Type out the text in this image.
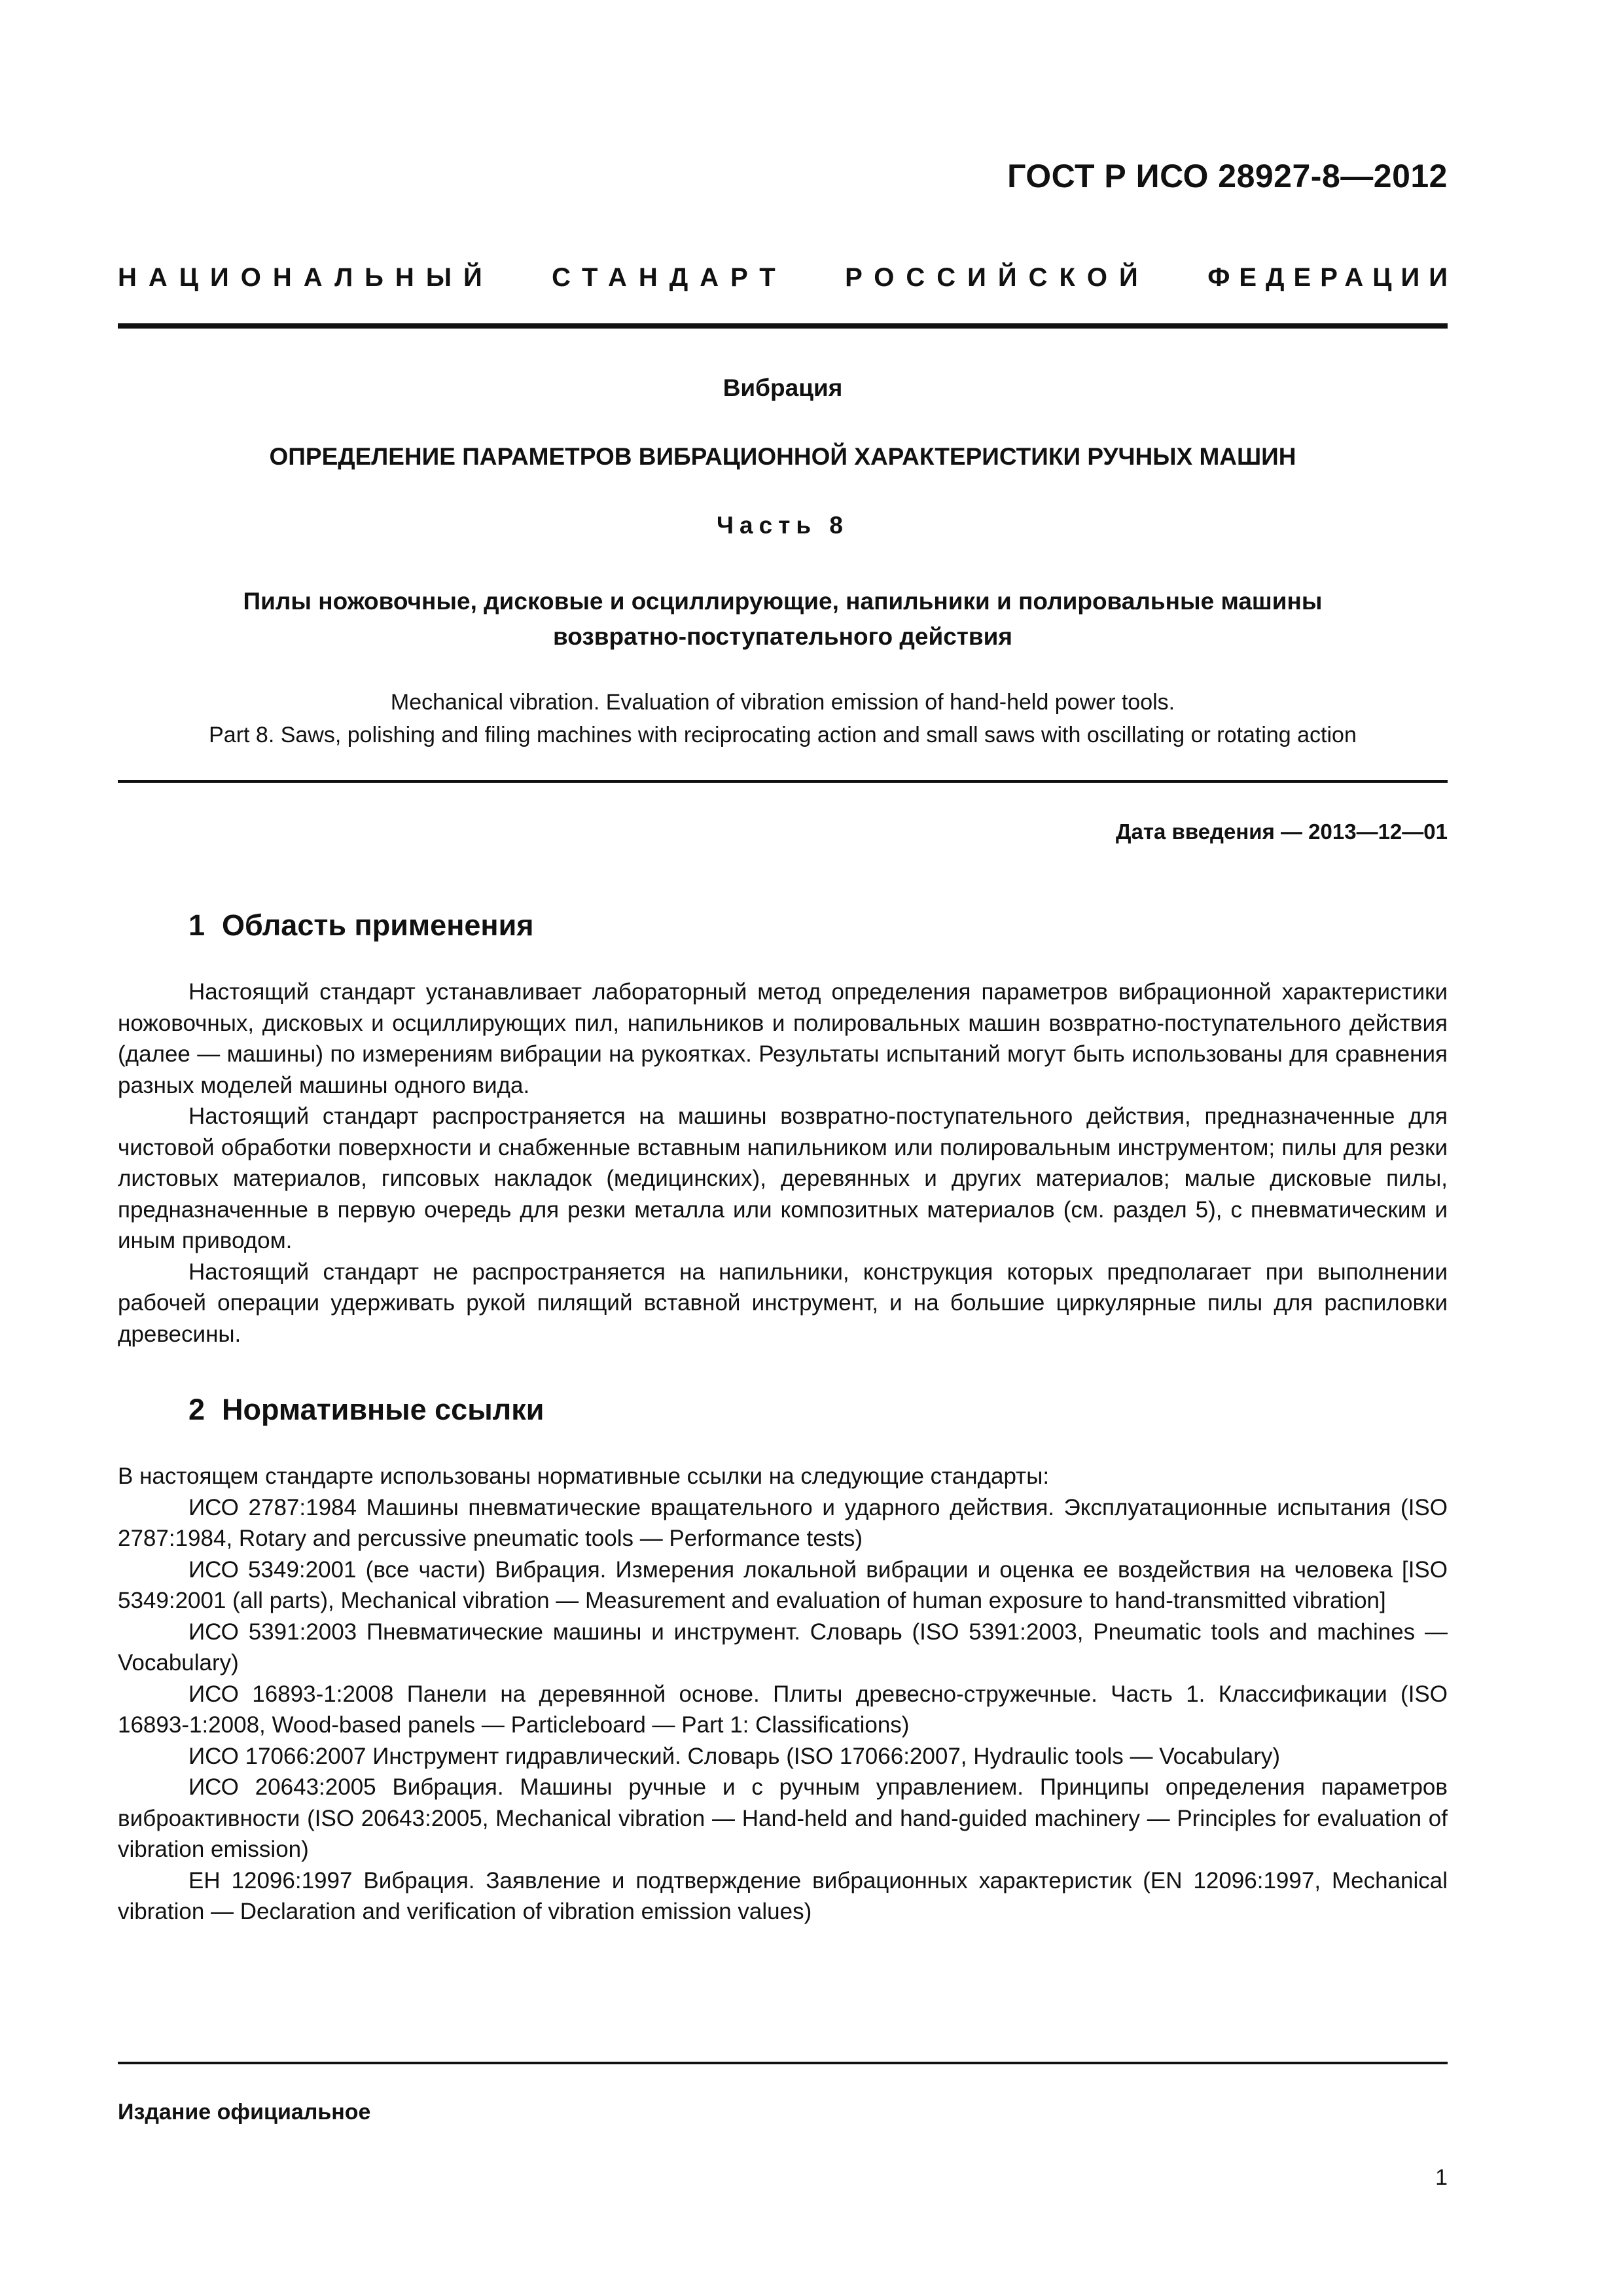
ГОСТ Р ИСО 28927-8—2012
НАЦИОНАЛЬНЫЙ СТАНДАРТ РОССИЙСКОЙ ФЕДЕРАЦИИ
Вибрация
ОПРЕДЕЛЕНИЕ ПАРАМЕТРОВ ВИБРАЦИОННОЙ ХАРАКТЕРИСТИКИ РУЧНЫХ МАШИН
Часть 8
Пилы ножовочные, дисковые и осциллирующие, напильники и полировальные машины
возвратно-поступательного действия
Mechanical vibration. Evaluation of vibration emission of hand-held power tools.
Part 8. Saws, polishing and filing machines with reciprocating action and small saws with oscillating or rotating action
Дата введения — 2013—12—01
1 Область применения

Настоящий стандарт устанавливает лабораторный метод определения параметров вибрационной характеристики ножовочных, дисковых и осциллирующих пил, напильников и полировальных машин возвратно-поступательного действия (далее — машины) по измерениям вибрации на рукоятках. Результаты испытаний могут быть использованы для сравнения разных моделей машины одного вида.

Настоящий стандарт распространяется на машины возвратно-поступательного действия, предназначенные для чистовой обработки поверхности и снабженные вставным напильником или полировальным инструментом; пилы для резки листовых материалов, гипсовых накладок (медицинских), деревянных и других материалов; малые дисковые пилы, предназначенные в первую очередь для резки металла или композитных материалов (см. раздел 5), с пневматическим и иным приводом.

Настоящий стандарт не распространяется на напильники, конструкция которых предполагает при выполнении рабочей операции удерживать рукой пилящий вставной инструмент, и на большие циркулярные пилы для распиловки древесины.

2 Нормативные ссылки

В настоящем стандарте использованы нормативные ссылки на следующие стандарты:

ИСО 2787:1984 Машины пневматические вращательного и ударного действия. Эксплуатационные испытания (ISO 2787:1984, Rotary and percussive pneumatic tools — Performance tests)

ИСО 5349:2001 (все части) Вибрация. Измерения локальной вибрации и оценка ее воздействия на человека [ISO 5349:2001 (all parts), Mechanical vibration — Measurement and evaluation of human exposure to hand-transmitted vibration]

ИСО 5391:2003 Пневматические машины и инструмент. Словарь (ISO 5391:2003, Pneumatic tools and machines — Vocabulary)

ИСО 16893-1:2008 Панели на деревянной основе. Плиты древесно-стружечные. Часть 1. Классификации (ISO 16893-1:2008, Wood-based panels — Particleboard — Part 1: Classifications)

ИСО 17066:2007 Инструмент гидравлический. Словарь (ISO 17066:2007, Hydraulic tools — Vocabulary)

ИСО 20643:2005 Вибрация. Машины ручные и с ручным управлением. Принципы определения параметров виброактивности (ISO 20643:2005, Mechanical vibration — Hand-held and hand-guided machinery — Principles for evaluation of vibration emission)

ЕН 12096:1997 Вибрация. Заявление и подтверждение вибрационных характеристик (EN 12096:1997, Mechanical vibration — Declaration and verification of vibration emission values)

Издание официальное
1
